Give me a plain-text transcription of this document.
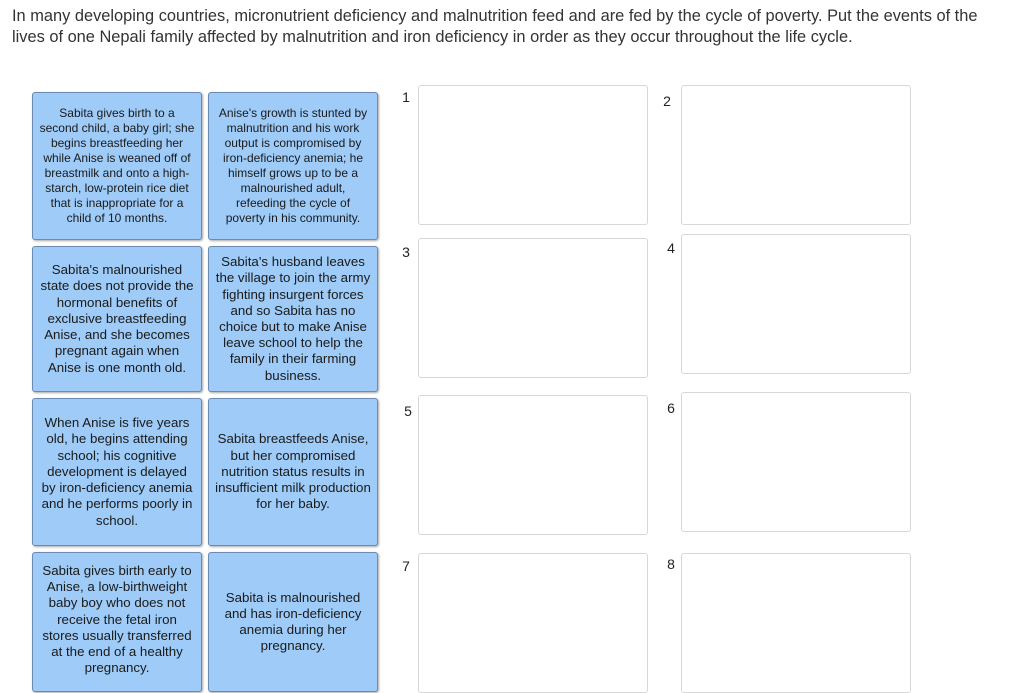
In many developing countries, micronutrient deficiency and malnutrition feed and are fed by the cycle of poverty. Put the events of the lives of one Nepali family affected by malnutrition and iron deficiency in order as they occur throughout the life cycle.
Sabita gives birth to a second child, a baby girl; she begins breastfeeding her while Anise is weaned off of breastmilk and onto a high-starch, low-protein rice diet that is inappropriate for a child of 10 months.
Anise's growth is stunted by malnutrition and his work output is compromised by iron-deficiency anemia; he himself grows up to be a malnourished adult, refeeding the cycle of poverty in his community.
Sabita's malnourished state does not provide the hormonal benefits of exclusive breastfeeding Anise, and she becomes pregnant again when Anise is one month old.
Sabita's husband leaves the village to join the army fighting insurgent forces and so Sabita has no choice but to make Anise leave school to help the family in their farming business.
When Anise is five years old, he begins attending school; his cognitive development is delayed by iron-deficiency anemia and he performs poorly in school.
Sabita breastfeeds Anise, but her compromised nutrition status results in insufficient milk production for her baby.
Sabita gives birth early to Anise, a low-birthweight baby boy who does not receive the fetal iron stores usually transferred at the end of a healthy pregnancy.
Sabita is malnourished and has iron-deficiency anemia during her pregnancy.
1	2
3	4
5	6
7	8
